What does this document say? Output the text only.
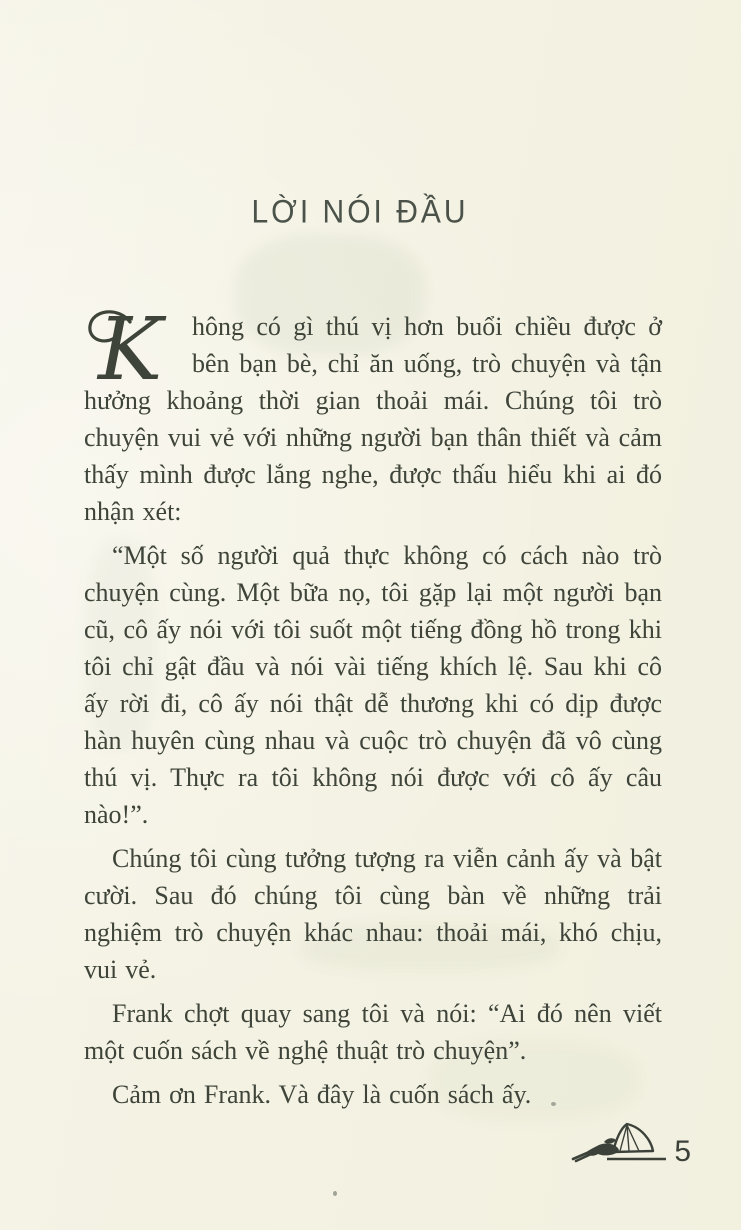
LỜI NÓI ĐẦU

K hông có gì thú vị hơn buổi chiều được ở bên bạn bè, chỉ ăn uống, trò chuyện và tận hưởng khoảng thời gian thoải mái. Chúng tôi trò chuyện vui vẻ với những người bạn thân thiết và cảm thấy mình được lắng nghe, được thấu hiểu khi ai đó nhận xét:

“Một số người quả thực không có cách nào trò chuyện cùng. Một bữa nọ, tôi gặp lại một người bạn cũ, cô ấy nói với tôi suốt một tiếng đồng hồ trong khi tôi chỉ gật đầu và nói vài tiếng khích lệ. Sau khi cô ấy rời đi, cô ấy nói thật dễ thương khi có dịp được hàn huyên cùng nhau và cuộc trò chuyện đã vô cùng thú vị. Thực ra tôi không nói được với cô ấy câu nào!”.

Chúng tôi cùng tưởng tượng ra viễn cảnh ấy và bật cười. Sau đó chúng tôi cùng bàn về những trải nghiệm trò chuyện khác nhau: thoải mái, khó chịu, vui vẻ.

Frank chợt quay sang tôi và nói: “Ai đó nên viết một cuốn sách về nghệ thuật trò chuyện”.

Cảm ơn Frank. Và đây là cuốn sách ấy.

5
